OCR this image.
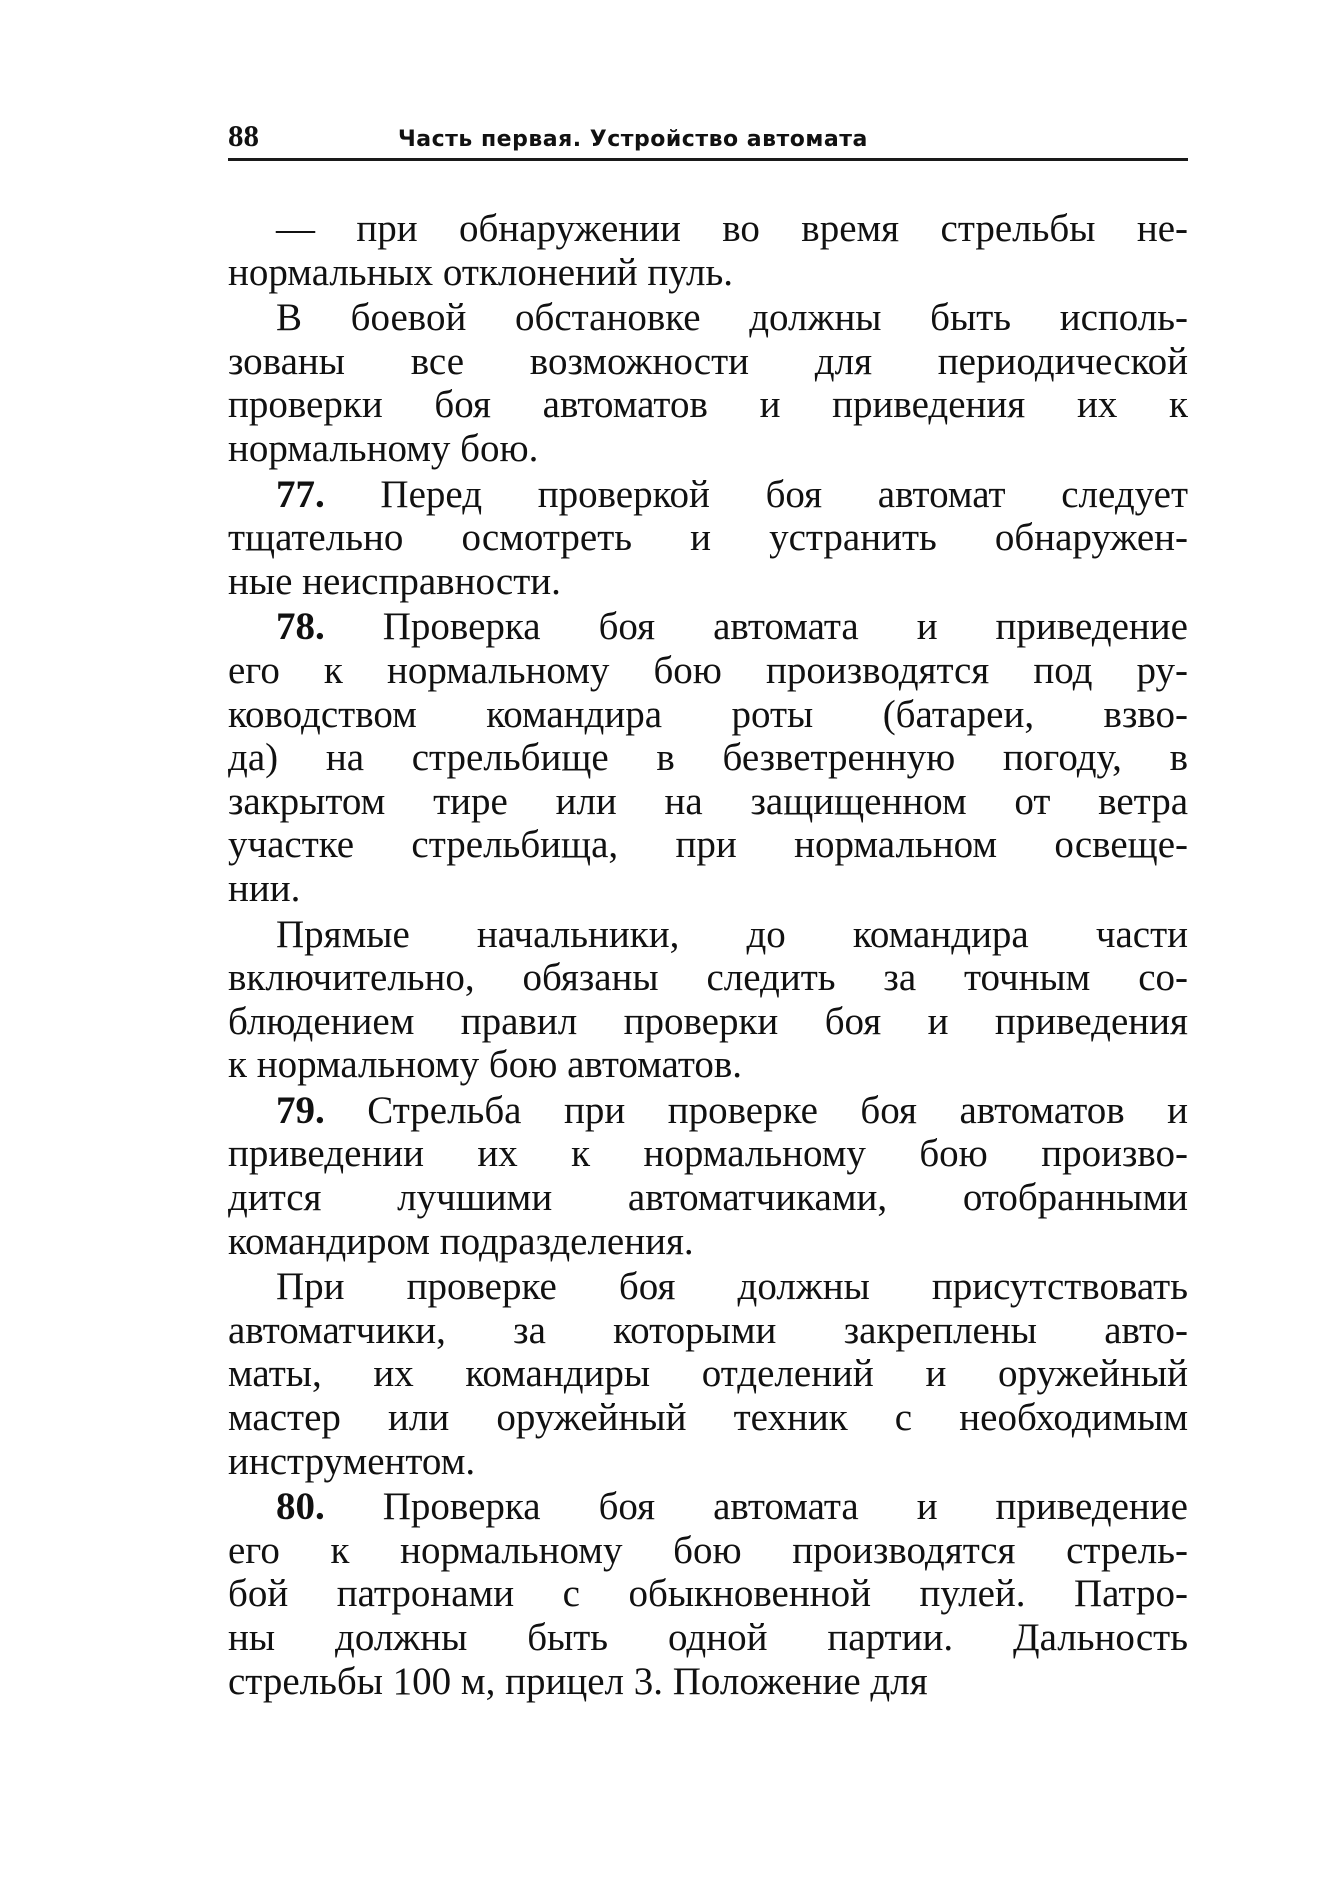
88	Часть первая. Устройство автомата
— при обнаружении во время стрельбы не-
нормальных отклонений пуль.
В боевой обстановке должны быть исполь-
зованы все возможности для периодической
проверки боя автоматов и приведения их к
нормальному бою.
77. Перед проверкой боя автомат следует
тщательно осмотреть и устранить обнаружен-
ные неисправности.
78. Проверка боя автомата и приведение
его к нормальному бою производятся под ру-
ководством командира роты (батареи, взво-
да) на стрельбище в безветренную погоду, в
закрытом тире или на защищенном от ветра
участке стрельбища, при нормальном освеще-
нии.
Прямые начальники, до командира части
включительно, обязаны следить за точным со-
блюдением правил проверки боя и приведения
к нормальному бою автоматов.
79. Стрельба при проверке боя автоматов и
приведении их к нормальному бою произво-
дится лучшими автоматчиками, отобранными
командиром подразделения.
При проверке боя должны присутствовать
автоматчики, за которыми закреплены авто-
маты, их командиры отделений и оружейный
мастер или оружейный техник с необходимым
инструментом.
80. Проверка боя автомата и приведение
его к нормальному бою производятся стрель-
бой патронами с обыкновенной пулей. Патро-
ны должны быть одной партии. Дальность
стрельбы 100 м, прицел 3. Положение для
